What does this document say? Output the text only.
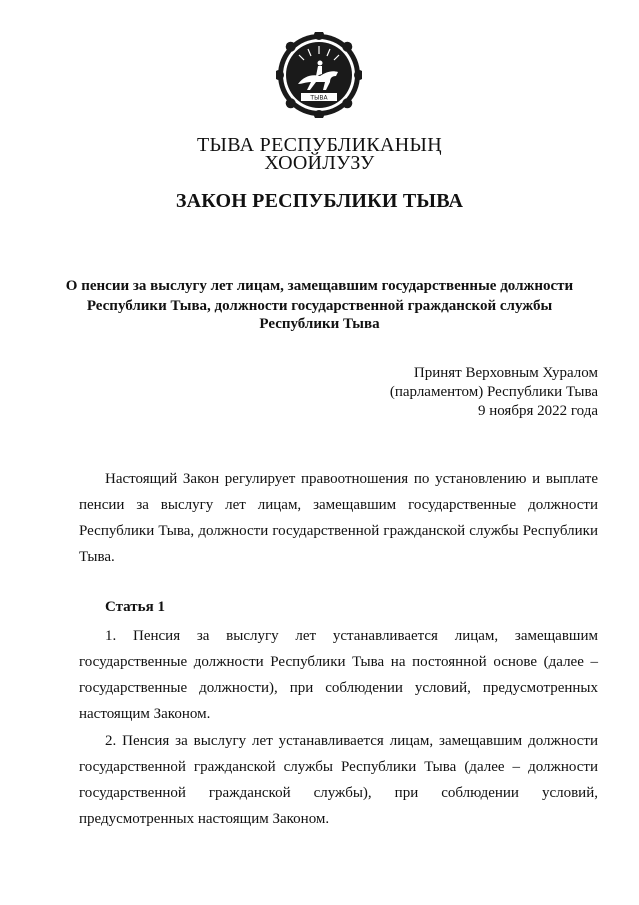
ТЫВА
ТЫВА РЕСПУБЛИКАНЫҢ
ХООЙЛУЗУ
ЗАКОН РЕСПУБЛИКИ ТЫВА
О пенсии за выслугу лет лицам, замещавшим государственные должности
Республики Тыва, должности государственной гражданской службы
Республики Тыва
Принят Верховным Хуралом
(парламентом) Республики Тыва
9 ноября 2022 года
Настоящий Закон регулирует правоотношения по установлению и выплате пенсии за выслугу лет лицам, замещавшим государственные должности Республики Тыва, должности государственной гражданской службы Республики Тыва.
Статья 1
1. Пенсия за выслугу лет устанавливается лицам, замещавшим государственные должности Республики Тыва на постоянной основе (далее – государственные должности), при соблюдении условий, предусмотренных настоящим Законом.
2. Пенсия за выслугу лет устанавливается лицам, замещавшим должности государственной гражданской службы Республики Тыва (далее – должности государственной гражданской службы), при соблюдении условий, предусмотренных настоящим Законом.
